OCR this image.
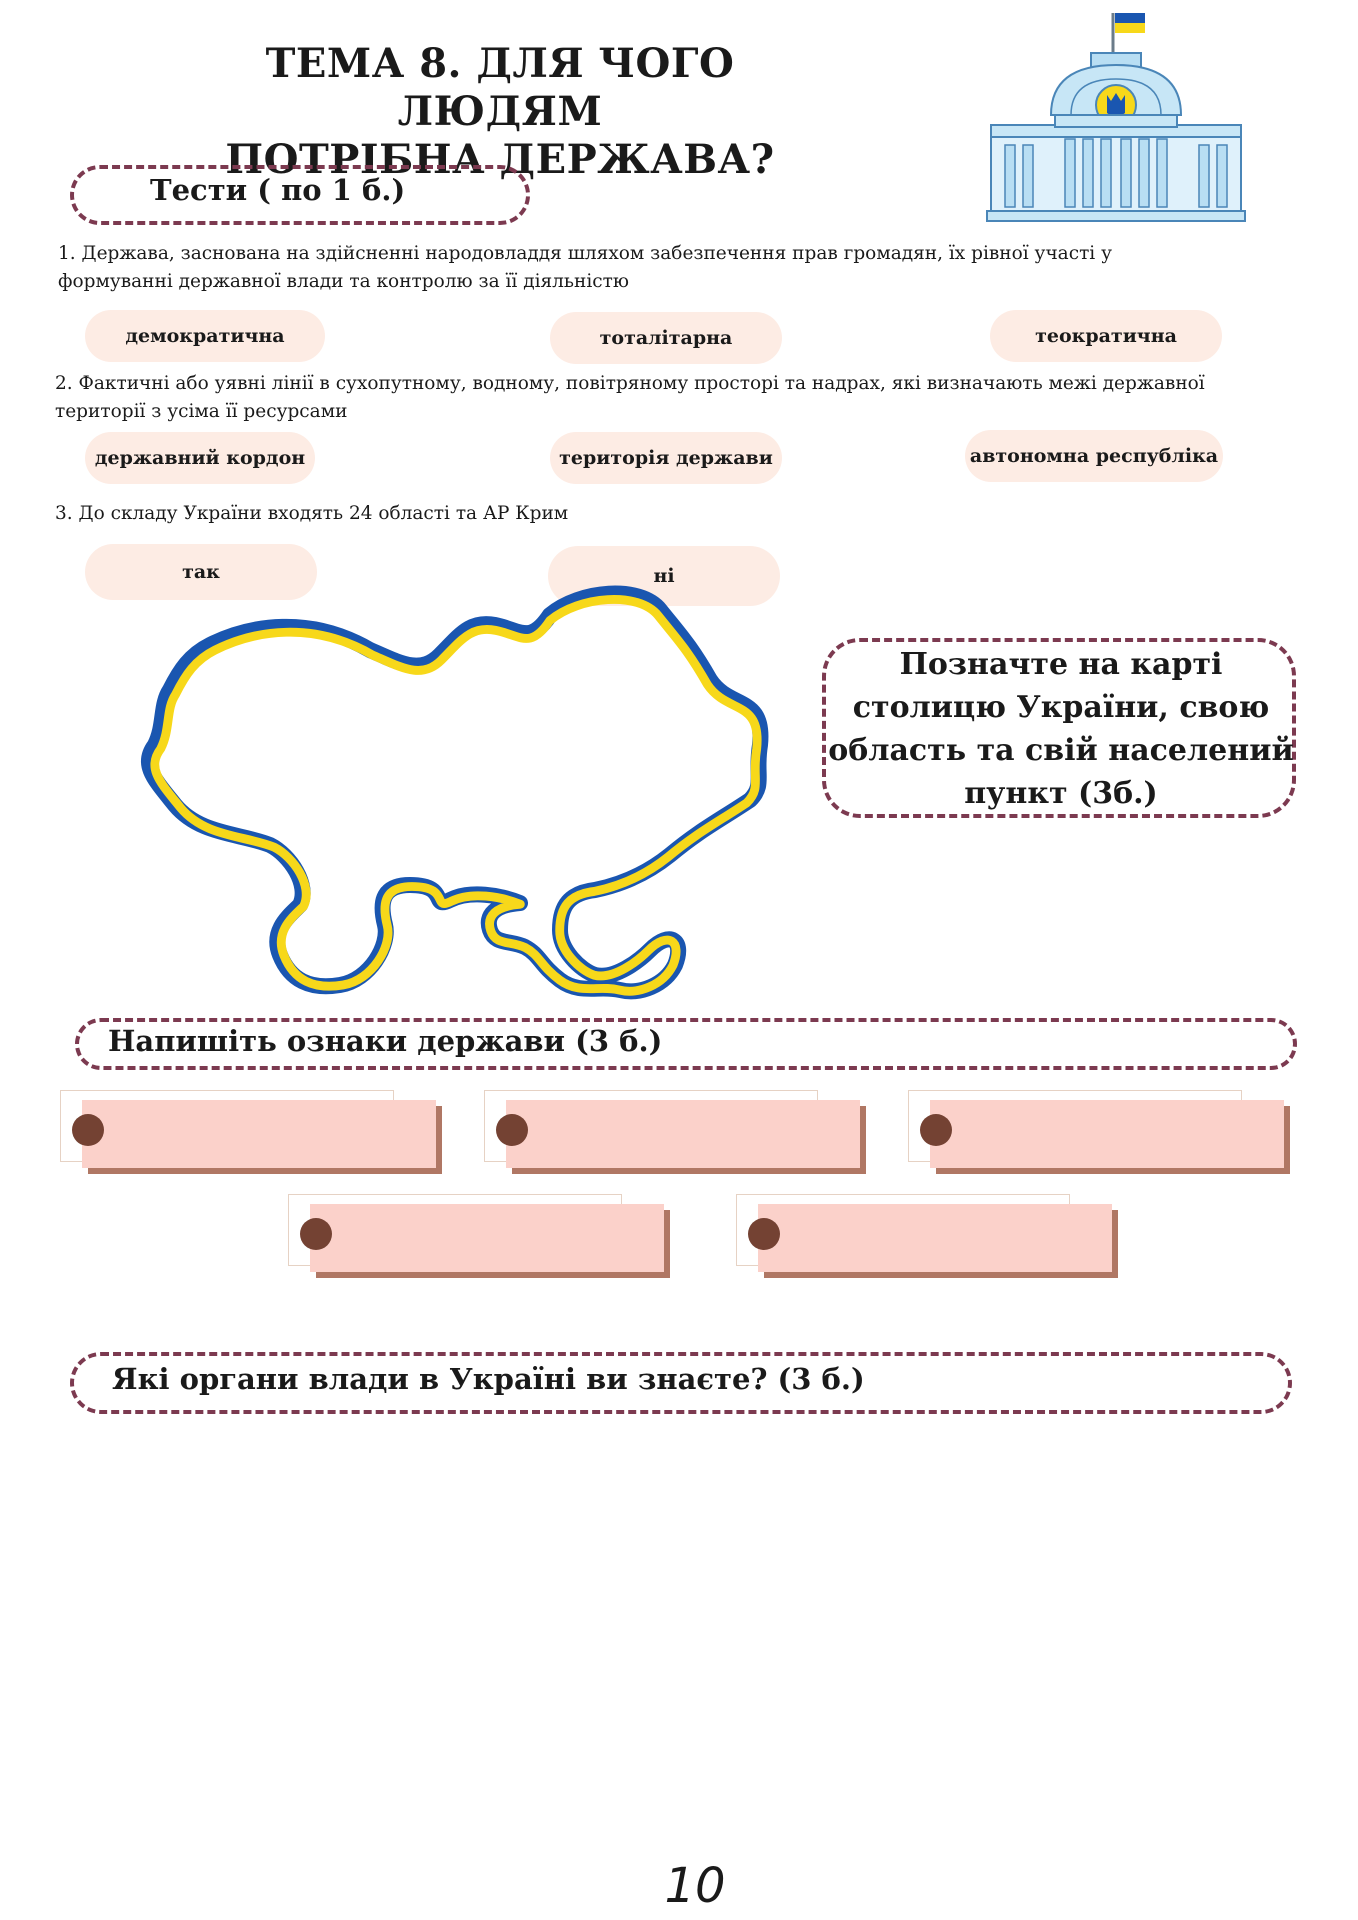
ТЕМА 8. ДЛЯ ЧОГО ЛЮДЯМ
ПОТРІБНА ДЕРЖАВА?
Тести ( по 1 б.)
1. Держава, заснована на здійсненні народовладдя шляхом забезпечення прав громадян, їх рівної участі у формуванні державної влади та контролю за її діяльністю
демократична	тоталітарна	теократична
2. Фактичні або уявні лінії в сухопутному, водному, повітряному просторі та надрах, які визначають межі державної території з усіма її ресурсами
державний кордон	територія держави	автономна республіка
3. До складу України входять 24 області та АР Крим
так	ні
Позначте на карті столицю України, свою область та свій населений пункт (3б.)
Напишіть ознаки держави (3 б.)
Які органи влади в Україні ви знаєте? (3 б.)
10
